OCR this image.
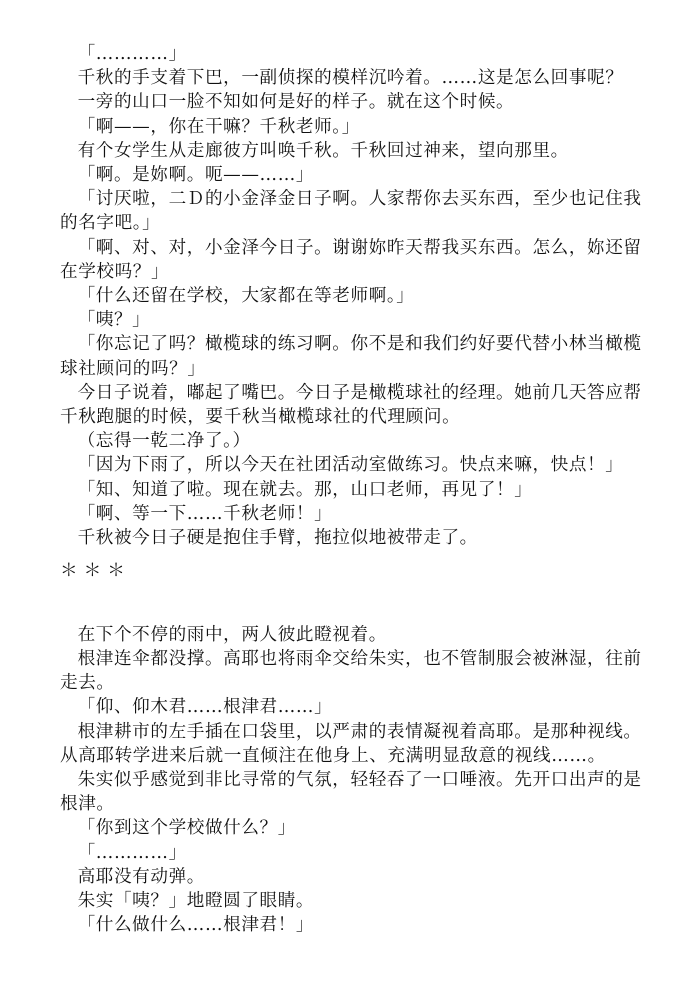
「…………」

千秋的手支着下巴，一副侦探的模样沉吟着。……这是怎么回事呢？

一旁的山口一脸不知如何是好的样子。就在这个时候。

「啊——，你在干嘛？千秋老师。」

有个女学生从走廊彼方叫唤千秋。千秋回过神来，望向那里。

「啊。是妳啊。呃——……」

「讨厌啦，二Ｄ的小金泽金日子啊。人家帮你去买东西，至少也记住我的名字吧。」

「啊、对、对，小金泽今日子。谢谢妳昨天帮我买东西。怎么，妳还留在学校吗？」

「什么还留在学校，大家都在等老师啊。」

「咦？」

「你忘记了吗？橄榄球的练习啊。你不是和我们约好要代替小林当橄榄球社顾问的吗？」

今日子说着，嘟起了嘴巴。今日子是橄榄球社的经理。她前几天答应帮千秋跑腿的时候，要千秋当橄榄球社的代理顾问。

（忘得一乾二净了。）

「因为下雨了，所以今天在社团活动室做练习。快点来嘛，快点！」

「知、知道了啦。现在就去。那，山口老师，再见了！」

「啊、等一下……千秋老师！」

千秋被今日子硬是抱住手臂，拖拉似地被带走了。

＊＊＊

在下个不停的雨中，两人彼此瞪视着。

根津连伞都没撑。高耶也将雨伞交给朱实，也不管制服会被淋湿，往前走去。

「仰、仰木君……根津君……」

根津耕市的左手插在口袋里，以严肃的表情凝视着高耶。是那种视线。从高耶转学进来后就一直倾注在他身上、充满明显敌意的视线……。

朱实似乎感觉到非比寻常的气氛，轻轻吞了一口唾液。先开口出声的是根津。

「你到这个学校做什么？」

「…………」

高耶没有动弹。

朱实「咦？」地瞪圆了眼睛。

「什么做什么……根津君！」
